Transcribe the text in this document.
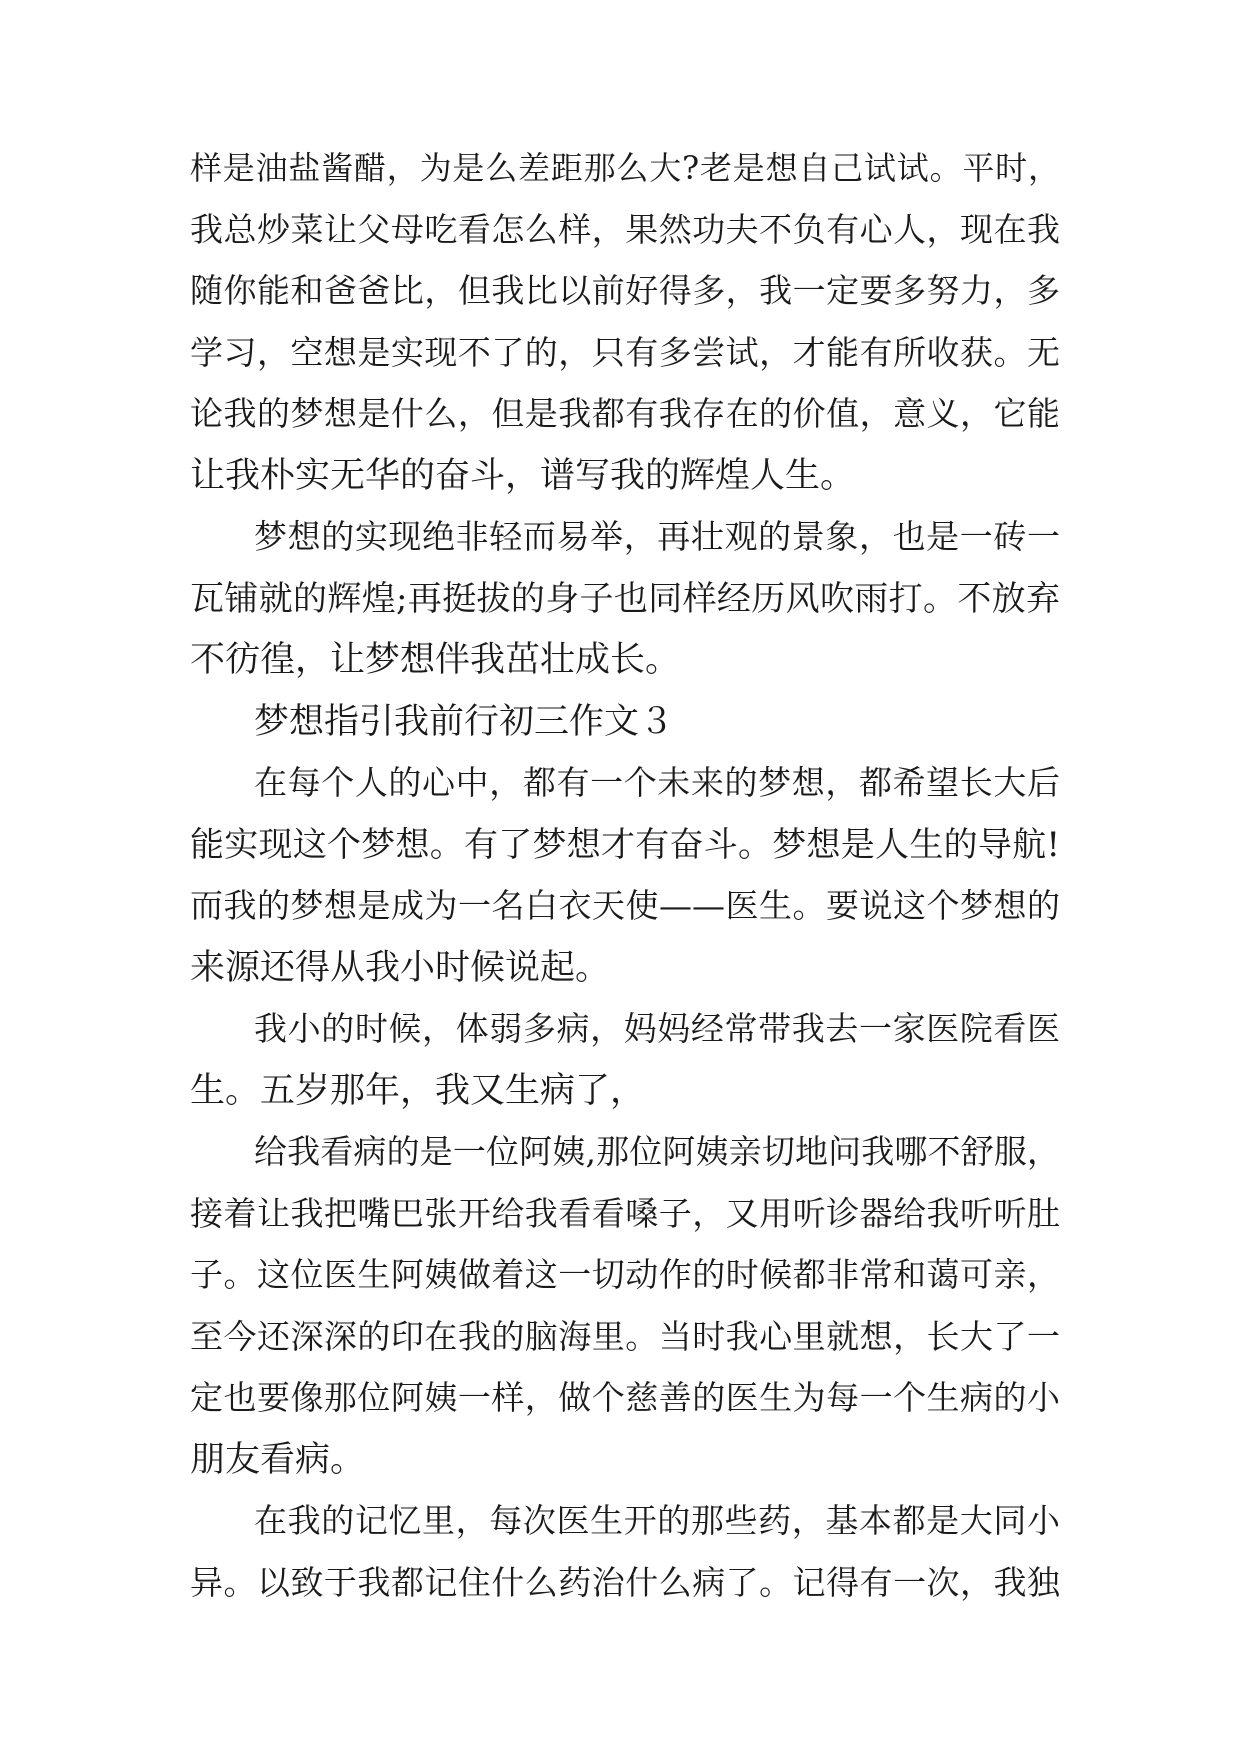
样是油盐酱醋，为是么差距那么大?老是想自己试试。平时，
我总炒菜让父母吃看怎么样，果然功夫不负有心人，现在我
随你能和爸爸比，但我比以前好得多，我一定要多努力，多
学习，空想是实现不了的，只有多尝试，才能有所收获。无
论我的梦想是什么，但是我都有我存在的价值，意义，它能
让我朴实无华的奋斗，谱写我的辉煌人生。
梦想的实现绝非轻而易举，再壮观的景象，也是一砖一
瓦铺就的辉煌;再挺拔的身子也同样经历风吹雨打。不放弃
不彷徨，让梦想伴我茁壮成长。
梦想指引我前行初三作文３
在每个人的心中，都有一个未来的梦想，都希望长大后
能实现这个梦想。有了梦想才有奋斗。梦想是人生的导航!
而我的梦想是成为一名白衣天使——医生。要说这个梦想的
来源还得从我小时候说起。
我小的时候，体弱多病，妈妈经常带我去一家医院看医
生。五岁那年，我又生病了，
给我看病的是一位阿姨,那位阿姨亲切地问我哪不舒服，
接着让我把嘴巴张开给我看看嗓子，又用听诊器给我听听肚
子。这位医生阿姨做着这一切动作的时候都非常和蔼可亲，
至今还深深的印在我的脑海里。当时我心里就想，长大了一
定也要像那位阿姨一样，做个慈善的医生为每一个生病的小
朋友看病。
在我的记忆里，每次医生开的那些药，基本都是大同小
异。以致于我都记住什么药治什么病了。记得有一次，我独
